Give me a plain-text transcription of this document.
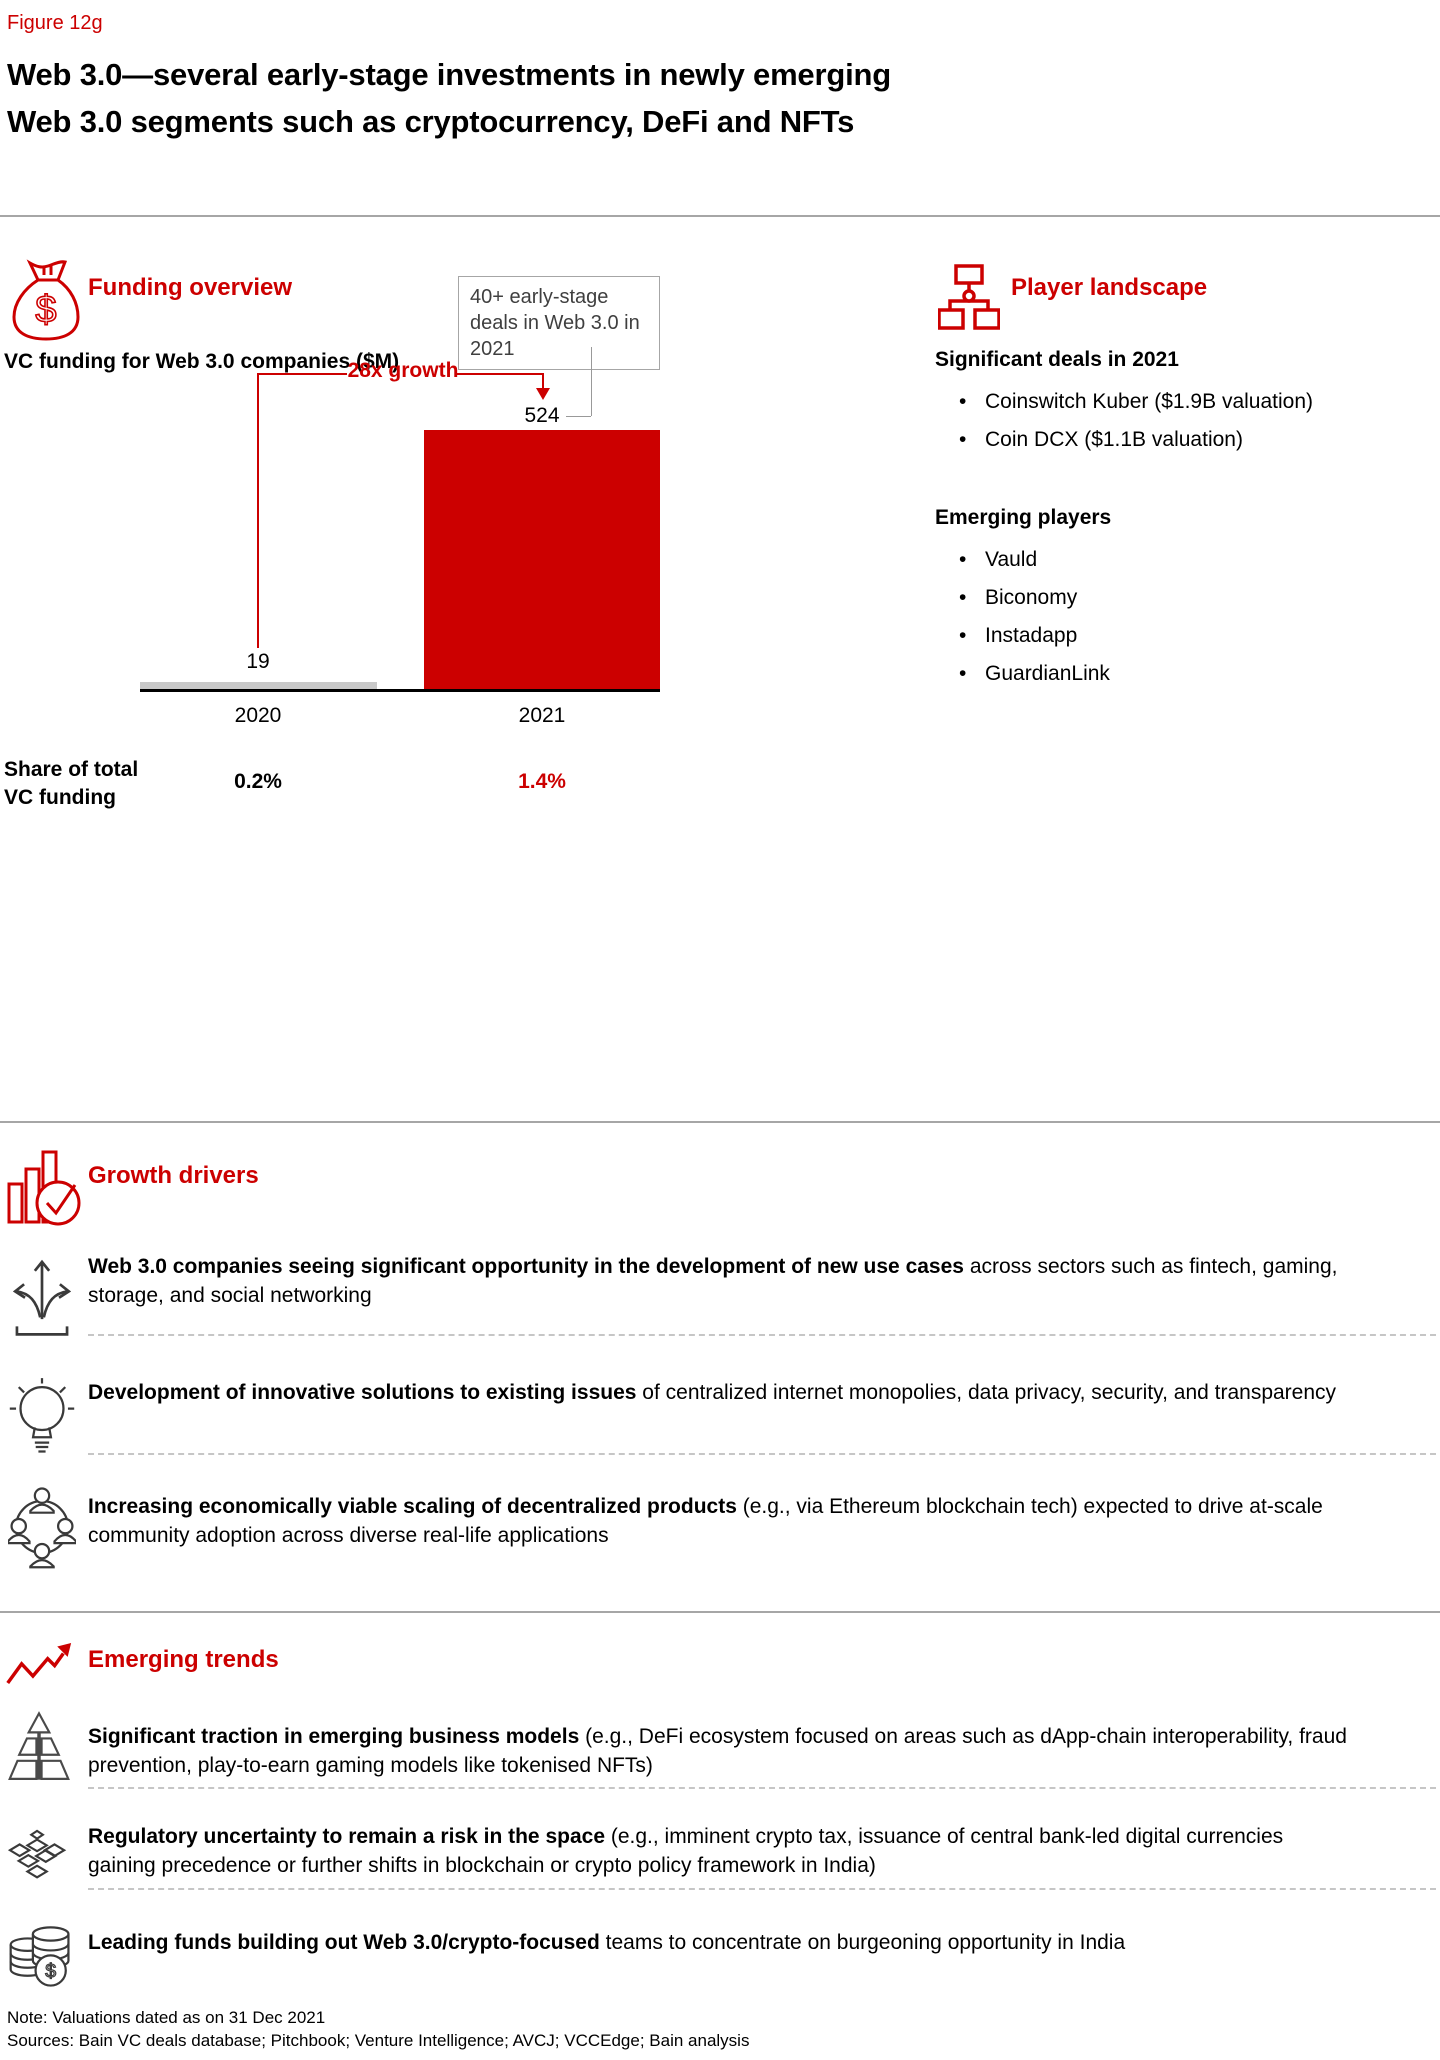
Figure 12g
Web 3.0—several early-stage investments in newly emerging
Web 3.0 segments such as cryptocurrency, DeFi and NFTs
$
Funding overview
VC funding for Web 3.0 companies ($M)
40+ early-stage deals in Web 3.0 in 2021
28x growth
19
524
2020	2021
Share of total
VC funding
0.2%	1.4%
Player landscape
Significant deals in 2021
• Coinswitch Kuber ($1.9B valuation)
• Coin DCX ($1.1B valuation)
Emerging players
• Vauld
• Biconomy
• Instadapp
• GuardianLink
Growth drivers
Web 3.0 companies seeing significant opportunity in the development of new use cases across sectors such as fintech, gaming, storage, and social networking
Development of innovative solutions to existing issues of centralized internet monopolies, data privacy, security, and transparency
Increasing economically viable scaling of decentralized products (e.g., via Ethereum blockchain tech) expected to drive at-scale community adoption across diverse real-life applications
Emerging trends
Significant traction in emerging business models (e.g., DeFi ecosystem focused on areas such as dApp-chain interoperability, fraud prevention, play-to-earn gaming models like tokenised NFTs)
Regulatory uncertainty to remain a risk in the space (e.g., imminent crypto tax, issuance of central bank-led digital currencies gaining precedence or further shifts in blockchain or crypto policy framework in India)
$
Leading funds building out Web 3.0/crypto-focused teams to concentrate on burgeoning opportunity in India
Note: Valuations dated as on 31 Dec 2021
Sources: Bain VC deals database; Pitchbook; Venture Intelligence; AVCJ; VCCEdge; Bain analysis
